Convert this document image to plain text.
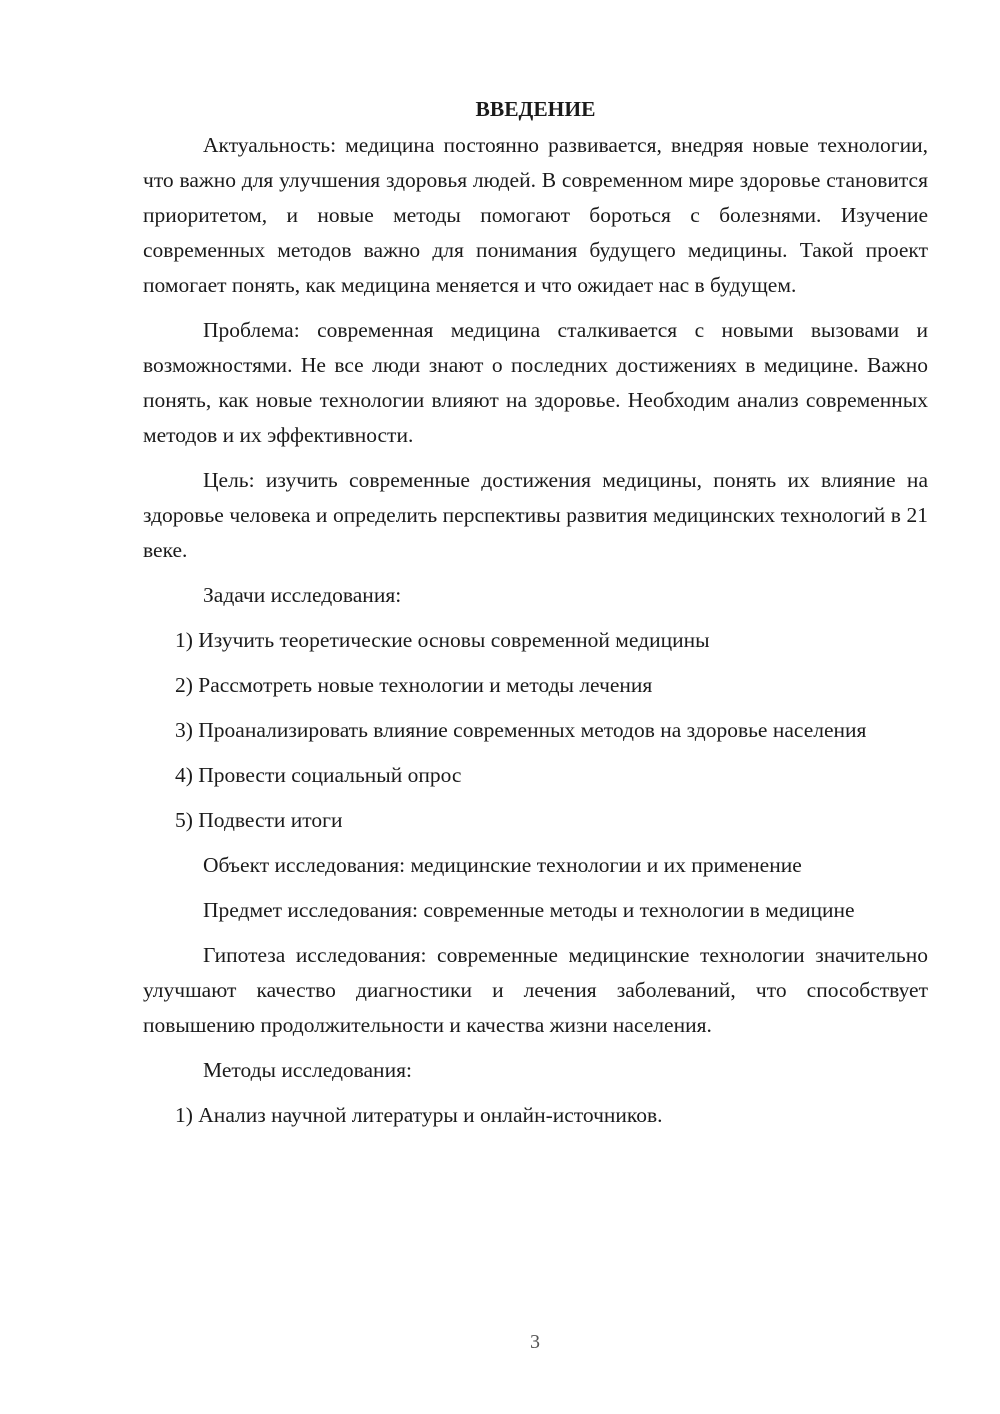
ВВЕДЕНИЕ

Актуальность: медицина постоянно развивается, внедряя новые технологии, что важно для улучшения здоровья людей. В современном мире здоровье становится приоритетом, и новые методы помогают бороться с болезнями. Изучение современных методов важно для понимания будущего медицины. Такой проект помогает понять, как медицина меняется и что ожидает нас в будущем.

Проблема: современная медицина сталкивается с новыми вызовами и возможностями. Не все люди знают о последних достижениях в медицине. Важно понять, как новые технологии влияют на здоровье. Необходим анализ современных методов и их эффективности.

Цель: изучить современные достижения медицины, понять их влияние на здоровье человека и определить перспективы развития медицинских технологий в 21 веке.

Задачи исследования:

1) Изучить теоретические основы современной медицины

2) Рассмотреть новые технологии и методы лечения

3) Проанализировать влияние современных методов на здоровье населения

4) Провести социальный опрос

5) Подвести итоги

Объект исследования: медицинские технологии и их применение

Предмет исследования: современные методы и технологии в медицине

Гипотеза исследования: современные медицинские технологии значительно улучшают качество диагностики и лечения заболеваний, что способствует повышению продолжительности и качества жизни населения.

Методы исследования:

1) Анализ научной литературы и онлайн-источников.

3
